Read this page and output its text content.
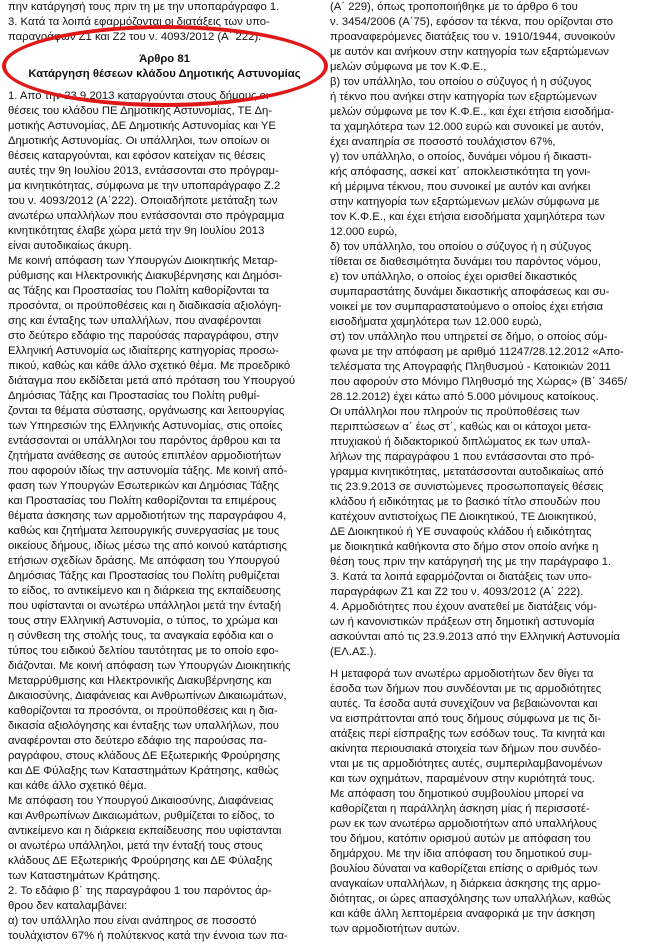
πην κατάργησή τους πριν τη με την υποπαράγραφο 1.
3. Κατά τα λοιπά εφαρμόζονται οι διατάξεις των υπο-
παραγράφων Ζ1 και Ζ2 του ν. 4093/2012 (Α΄ 222).
Άρθρο 81
Κατάργηση θέσεων κλάδου Δημοτικής Αστυνομίας
1. Από την 23.9.2013 καταργούνται στους δήμους οι
θέσεις του κλάδου ΠΕ Δημοτικής Αστυνομίας, ΤΕ Δη-
μοτικής Αστυνομίας, ΔΕ Δημοτικής Αστυνομίας και ΥΕ
Δημοτικής Αστυνομίας. Οι υπάλληλοι, των οποίων οι
θέσεις καταργούνται, και εφόσον κατείχαν τις θέσεις
αυτές την 9η Ιουλίου 2013, εντάσσονται στο πρόγραμ-
μα κινητικότητας, σύμφωνα με την υποπαράγραφο Ζ.2
του ν. 4093/2012 (Α΄222). Οποιαδήποτε μετάταξη των
ανωτέρω υπαλλήλων που εντάσσονται στο πρόγραμμα
κινητικότητας έλαβε χώρα μετά την 9η Ιουλίου 2013
είναι αυτοδικαίως άκυρη.
Με κοινή απόφαση των Υπουργών Διοικητικής Μεταρ-
ρύθμισης και Ηλεκτρονικής Διακυβέρνησης και Δημόσι-
ας Τάξης και Προστασίας του Πολίτη καθορίζονται τα
προσόντα, οι προϋποθέσεις και η διαδικασία αξιολόγη-
σης και ένταξης των υπαλλήλων, που αναφέρονται
στο δεύτερο εδάφιο της παρούσας παραγράφου, στην
Ελληνική Αστυνομία ως ιδιαίτερης κατηγορίας προσω-
πικού, καθώς και κάθε άλλο σχετικό θέμα. Με προεδρικό
διάταγμα που εκδίδεται μετά από πρόταση του Υπουργού
Δημόσιας Τάξης και Προστασίας του Πολίτη ρυθμί-
ζονται τα θέματα σύστασης, οργάνωσης και λειτουργίας
των Υπηρεσιών της Ελληνικής Αστυνομίας, στις οποίες
εντάσσονται οι υπάλληλοι του παρόντος άρθρου και τα
ζητήματα ανάθεσης σε αυτούς επιπλέον αρμοδιοτήτων
που αφορούν ιδίως την αστυνομία τάξης. Με κοινή από-
φαση των Υπουργών Εσωτερικών και Δημόσιας Τάξης
και Προστασίας του Πολίτη καθορίζονται τα επιμέρους
θέματα άσκησης των αρμοδιοτήτων της παραγράφου 4,
καθώς και ζητήματα λειτουργικής συνεργασίας με τους
οικείους δήμους, ιδίως μέσω της από κοινού κατάρτισης
ετήσιων σχεδίων δράσης. Με απόφαση του Υπουργού
Δημόσιας Τάξης και Προστασίας του Πολίτη ρυθμίζεται
το είδος, το αντικείμενο και η διάρκεια της εκπαίδευσης
που υφίστανται οι ανωτέρω υπάλληλοι μετά την ένταξή
τους στην Ελληνική Αστυνομία, ο τύπος, το χρώμα και
η σύνθεση της στολής τους, τα αναγκαία εφόδια και ο
τύπος του ειδικού δελτίου ταυτότητας με το οποίο εφο-
διάζονται. Με κοινή απόφαση των Υπουργών Διοικητικής
Μεταρρύθμισης και Ηλεκτρονικής Διακυβέρνησης και
Δικαιοσύνης, Διαφάνειας και Ανθρωπίνων Δικαιωμάτων,
καθορίζονται τα προσόντα, οι προϋποθέσεις και η δια-
δικασία αξιολόγησης και ένταξης των υπαλλήλων, που
αναφέρονται στο δεύτερο εδάφιο της παρούσας πα-
ραγράφου, στους κλάδους ΔΕ Εξωτερικής Φρούρησης
και ΔΕ Φύλαξης των Καταστημάτων Κράτησης, καθώς
και κάθε άλλο σχετικό θέμα.
Με απόφαση του Υπουργού Δικαιοσύνης, Διαφάνειας
και Ανθρωπίνων Δικαιωμάτων, ρυθμίζεται το είδος, το
αντικείμενο και η διάρκεια εκπαίδευσης που υφίστανται
οι ανωτέρω υπάλληλοι, μετά την ένταξή τους στους
κλάδους ΔΕ Εξωτερικής Φρούρησης και ΔΕ Φύλαξης
των Καταστημάτων Κράτησης.
2. Το εδάφιο β΄ της παραγράφου 1 του παρόντος άρ-
θρου δεν καταλαμβάνει:
α) τον υπάλληλο που είναι ανάπηρος σε ποσοστό
τουλάχιστον 67% ή πολύτεκνος κατά την έννοια των πα-
(Α΄ 229), όπως τροποποιήθηκε με το άρθρο 6 του
ν. 3454/2006 (Α΄75), εφόσον τα τέκνα, που ορίζονται στο
προαναφερόμενες διατάξεις του ν. 1910/1944, συνοικούν
με αυτόν και ανήκουν στην κατηγορία των εξαρτώμενων
μελών σύμφωνα με τον Κ.Φ.Ε.,
β) τον υπάλληλο, του οποίου ο σύζυγος ή η σύζυγος
ή τέκνο που ανήκει στην κατηγορία των εξαρτώμενων
μελών σύμφωνα με τον Κ.Φ.Ε., και έχει ετήσια εισοδήμα-
τα χαμηλότερα των 12.000 ευρώ και συνοικεί με αυτόν,
έχει αναπηρία σε ποσοστό τουλάχιστον 67%,
γ) τον υπάλληλο, ο οποίος, δυνάμει νόμου ή δικαστι-
κής απόφασης, ασκεί κατ΄ αποκλειστικότητα τη γονι-
κή μέριμνα τέκνου, που συνοικεί με αυτόν και ανήκει
στην κατηγορία των εξαρτώμενων μελών σύμφωνα με
τον Κ.Φ.Ε., και έχει ετήσια εισοδήματα χαμηλότερα των
12.000 ευρώ,
δ) τον υπάλληλο, του οποίου ο σύζυγος ή η σύζυγος
τίθεται σε διαθεσιμότητα δυνάμει του παρόντος νόμου,
ε) τον υπάλληλο, ο οποίος έχει ορισθεί δικαστικός
συμπαραστάτης δυνάμει δικαστικής αποφάσεως και συ-
νοικεί με τον συμπαραστατούμενο ο οποίος έχει ετήσια
εισοδήματα χαμηλότερα των 12.000 ευρώ,
στ) τον υπάλληλο που υπηρετεί σε δήμο, ο οποίος σύμ-
φωνα με την απόφαση με αριθμό 11247/28.12.2012 «Απο-
τελέσματα της Απογραφής Πληθυσμού - Κατοικιών 2011
που αφορούν στο Μόνιμο Πληθυσμό της Χώρας» (Β΄ 3465/
28.12.2012) έχει κάτω από 5.000 μόνιμους κατοίκους.
Οι υπάλληλοι που πληρούν τις προϋποθέσεις των
περιπτώσεων α΄ έως στ΄, καθώς και οι κάτοχοι μετα-
πτυχιακού ή διδακτορικού διπλώματος εκ των υπαλ-
λήλων της παραγράφου 1 που εντάσσονται στο πρό-
γραμμα κινητικότητας, μετατάσσονται αυτοδικαίως από
τις 23.9.2013 σε συνιστώμενες προσωποπαγείς θέσεις
κλάδου ή ειδικότητας με το βασικό τίτλο σπουδών που
κατέχουν αντιστοίχως ΠΕ Διοικητικού, ΤΕ Διοικητικού,
ΔΕ Διοικητικού ή ΥΕ συναφούς κλάδου ή ειδικότητας
με διοικητικά καθήκοντα στο δήμο στον οποίο ανήκε η
θέση τους πριν την κατάργησή της με την παράγραφο 1.
3. Κατά τα λοιπά εφαρμόζονται οι διατάξεις των υπο-
παραγράφων Ζ1 και Ζ2 του ν. 4093/2012 (Α΄ 222).
4. Αρμοδιότητες που έχουν ανατεθεί με διατάξεις νόμ-
ων ή κανονιστικών πράξεων στη δημοτική αστυνομία
ασκούνται από τις 23.9.2013 από την Ελληνική Αστυνομία
(ΕΛ.ΑΣ.).
Η μεταφορά των ανωτέρω αρμοδιοτήτων δεν θίγει τα
έσοδα των δήμων που συνδέονται με τις αρμοδιότητες
αυτές. Τα έσοδα αυτά συνεχίζουν να βεβαιώνονται και
να εισπράττονται από τους δήμους σύμφωνα με τις δι-
ατάξεις περί είσπραξης των εσόδων τους. Τα κινητά και
ακίνητα περιουσιακά στοιχεία των δήμων που συνδέο-
νται με τις αρμοδιότητες αυτές, συμπεριλαμβανομένων
και των οχημάτων, παραμένουν στην κυριότητά τους.
Με απόφαση του δημοτικού συμβουλίου μπορεί να
καθορίζεται η παράλληλη άσκηση μίας ή περισσοτέ-
ρων εκ των ανωτέρω αρμοδιοτήτων από υπαλλήλους
του δήμου, κατόπιν ορισμού αυτών με απόφαση του
δημάρχου. Με την ίδια απόφαση του δημοτικού συμ-
βουλίου δύναται να καθορίζεται επίσης ο αριθμός των
αναγκαίων υπαλλήλων, η διάρκεια άσκησης της αρμο-
διότητας, οι ώρες απασχόλησης των υπαλλήλων, καθώς
και κάθε άλλη λεπτομέρεια αναφορικά με την άσκηση
των αρμοδιοτήτων αυτών.
